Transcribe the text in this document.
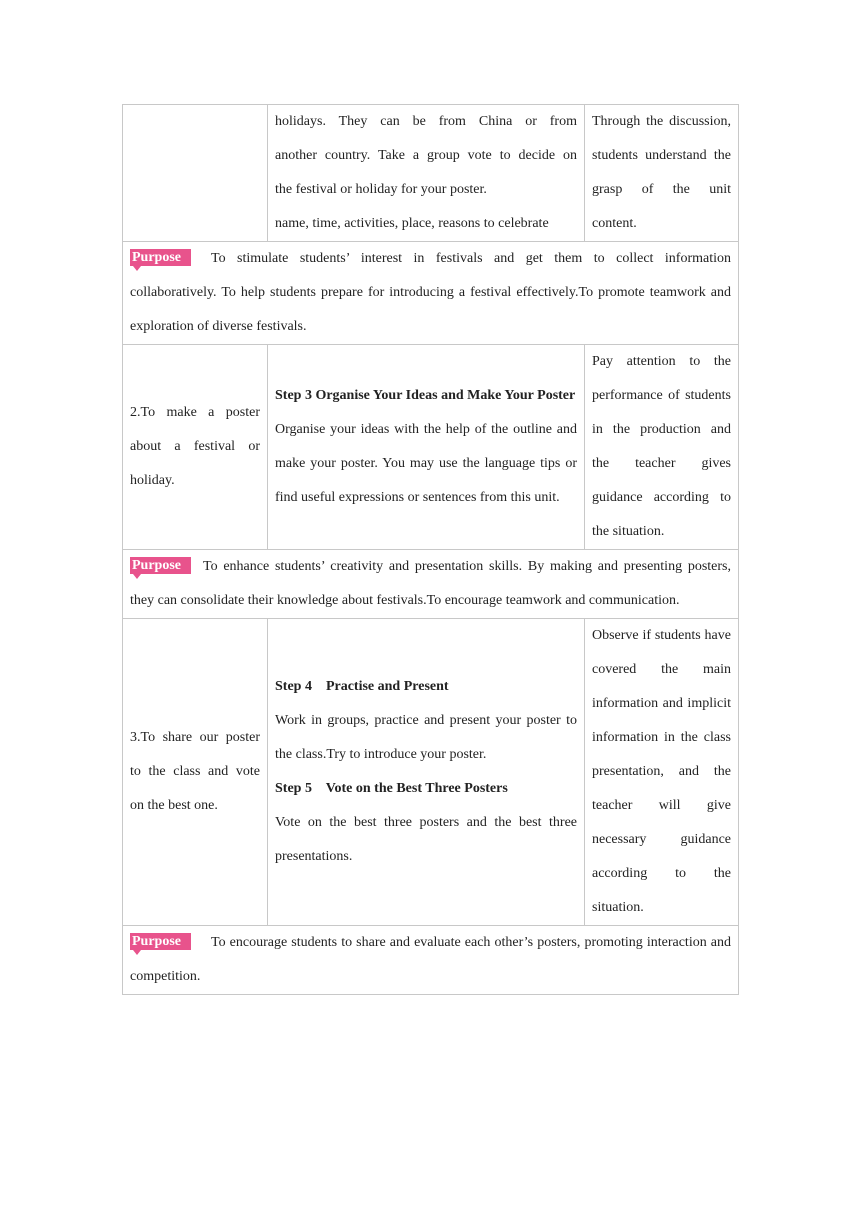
	holidays. They can be from China or from
another country. Take a group vote to decide on
the festival or holiday for your poster.
name, time, activities, place, reasons to celebrate	Through the discussion, students understand the grasp of the unit content.

Purpose To stimulate students’ interest in festivals and get them to collect information collaboratively. To help students prepare for introducing a festival effectively.To promote teamwork and exploration of diverse festivals.		

2.To make a poster about a festival or holiday.	Step 3 Organise Your Ideas and Make Your Poster
Organise your ideas with the help of the outline and make your poster. You may use the language tips or find useful expressions or sentences from this unit.	Pay attention to the performance of students in the production and the teacher gives guidance according to the situation.

Purpose To enhance students’ creativity and presentation skills. By making and presenting posters, they can consolidate their knowledge about festivals.To encourage teamwork and communication.		

3.To share our poster to the class and vote on the best one.	Step 4    Practise and Present
Work in groups, practice and present your poster to the class.Try to introduce your poster.
Step 5    Vote on the Best Three Posters
Vote on the best three posters and the best three presentations.	Observe if students have covered the main information and implicit information in the class presentation, and the teacher will give necessary guidance according to the situation.

Purpose To encourage students to share and evaluate each other’s posters, promoting interaction and competition.		
